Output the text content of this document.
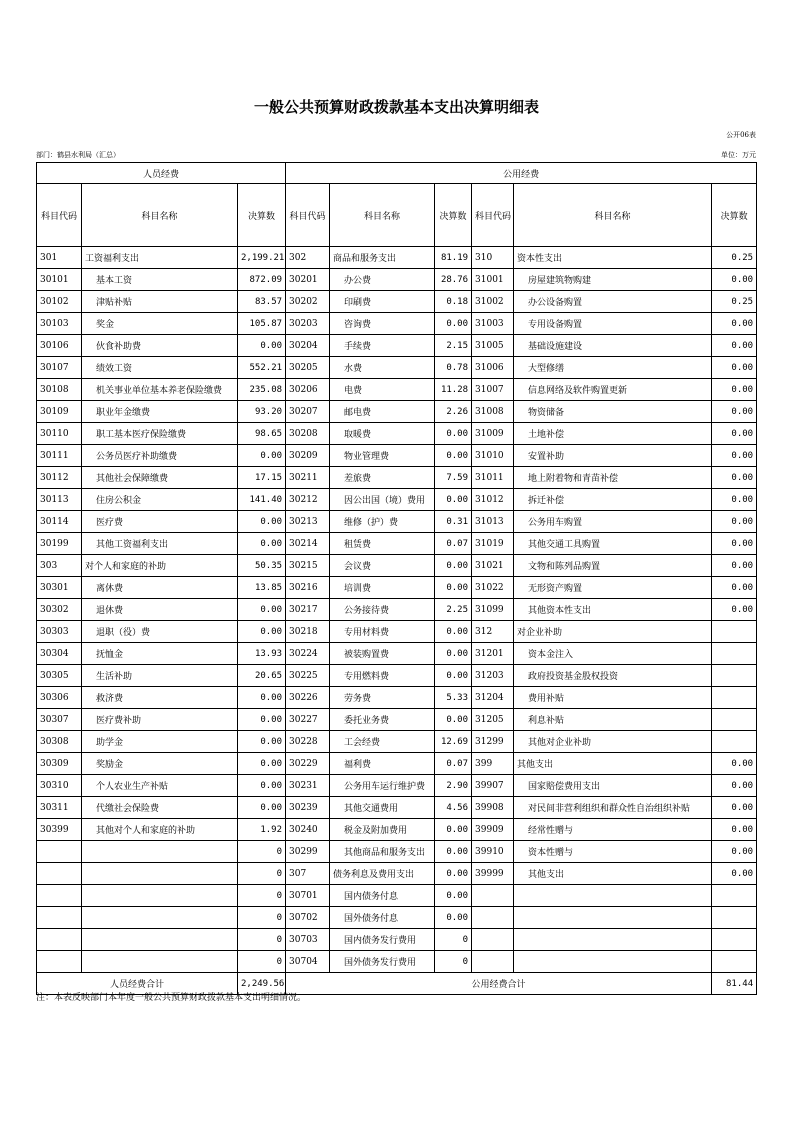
一般公共预算财政拨款基本支出决算明细表
公开06表
部门：鹤县水利局（汇总）	单位：万元
人员经费			公用经费					
科目代码	科目名称	决算数	科目代码	科目名称	决算数	科目代码	科目名称	决算数
301	工资福利支出	2,199.21	302	商品和服务支出	81.19	310	资本性支出	0.25
30101	基本工资	872.09	30201	办公费	28.76	31001	房屋建筑物购建	0.00
30102	津贴补贴	83.57	30202	印刷费	0.18	31002	办公设备购置	0.25
30103	奖金	105.87	30203	咨询费	0.00	31003	专用设备购置	0.00
30106	伙食补助费	0.00	30204	手续费	2.15	31005	基础设施建设	0.00
30107	绩效工资	552.21	30205	水费	0.78	31006	大型修缮	0.00
30108	机关事业单位基本养老保险缴费	235.08	30206	电费	11.28	31007	信息网络及软件购置更新	0.00
30109	职业年金缴费	93.20	30207	邮电费	2.26	31008	物资储备	0.00
30110	职工基本医疗保险缴费	98.65	30208	取暖费	0.00	31009	土地补偿	0.00
30111	公务员医疗补助缴费	0.00	30209	物业管理费	0.00	31010	安置补助	0.00
30112	其他社会保障缴费	17.15	30211	差旅费	7.59	31011	地上附着物和青苗补偿	0.00
30113	住房公积金	141.40	30212	因公出国（境）费用	0.00	31012	拆迁补偿	0.00
30114	医疗费	0.00	30213	维修（护）费	0.31	31013	公务用车购置	0.00
30199	其他工资福利支出	0.00	30214	租赁费	0.07	31019	其他交通工具购置	0.00
303	对个人和家庭的补助	50.35	30215	会议费	0.00	31021	文物和陈列品购置	0.00
30301	离休费	13.85	30216	培训费	0.00	31022	无形资产购置	0.00
30302	退休费	0.00	30217	公务接待费	2.25	31099	其他资本性支出	0.00
30303	退职（役）费	0.00	30218	专用材料费	0.00	312	对企业补助	
30304	抚恤金	13.93	30224	被装购置费	0.00	31201	资本金注入	
30305	生活补助	20.65	30225	专用燃料费	0.00	31203	政府投资基金股权投资	
30306	救济费	0.00	30226	劳务费	5.33	31204	费用补贴	
30307	医疗费补助	0.00	30227	委托业务费	0.00	31205	利息补贴	
30308	助学金	0.00	30228	工会经费	12.69	31299	其他对企业补助	
30309	奖励金	0.00	30229	福利费	0.07	399	其他支出	0.00
30310	个人农业生产补贴	0.00	30231	公务用车运行维护费	2.90	39907	国家赔偿费用支出	0.00
30311	代缴社会保险费	0.00	30239	其他交通费用	4.56	39908	对民间非营利组织和群众性自治组织补贴	0.00
30399	其他对个人和家庭的补助	1.92	30240	税金及附加费用	0.00	39909	经常性赠与	0.00
		0	30299	其他商品和服务支出	0.00	39910	资本性赠与	0.00
		0	307	债务利息及费用支出	0.00	39999	其他支出	0.00
		0	30701	国内债务付息	0.00			
		0	30702	国外债务付息	0.00			
		0	30703	国内债务发行费用	0			
		0	30704	国外债务发行费用	0			
人员经费合计		2,249.56	公用经费合计					81.44
注：本表反映部门本年度一般公共预算财政拨款基本支出明细情况。
